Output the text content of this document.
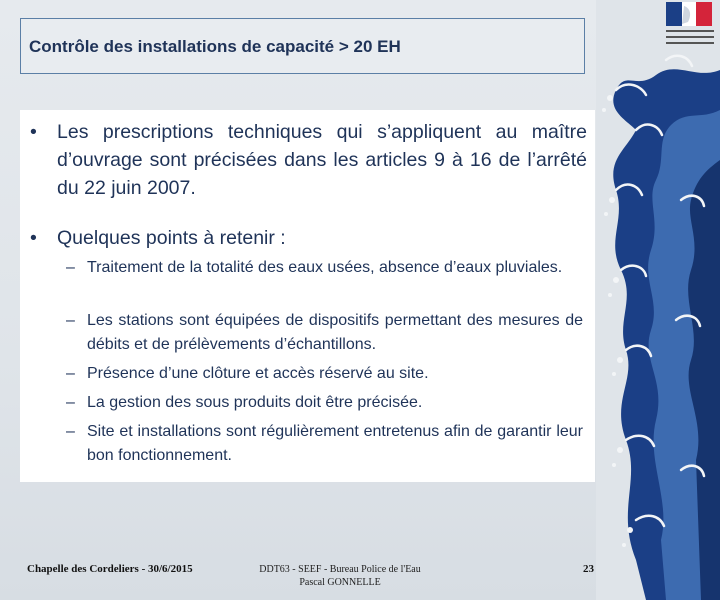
Contrôle des installations de capacité > 20 EH
• Les prescriptions techniques qui s’appliquent au maître d’ouvrage sont précisées dans les articles 9 à 16 de l’arrêté du 22 juin 2007.
• Quelques points à retenir :
– Traitement de la totalité des eaux usées, absence d’eaux pluviales.
– Les stations sont équipées de dispositifs permettant des mesures de débits et de prélèvements d’échantillons.
– Présence d’une clôture et accès réservé au site.
– La gestion des sous produits doit être précisée.
– Site et installations sont régulièrement entretenus afin de garantir leur bon fonctionnement.
Chapelle des Cordeliers - 30/6/2015	DDT63 - SEEF - Bureau Police de l'Eau
Pascal GONNELLE
23
